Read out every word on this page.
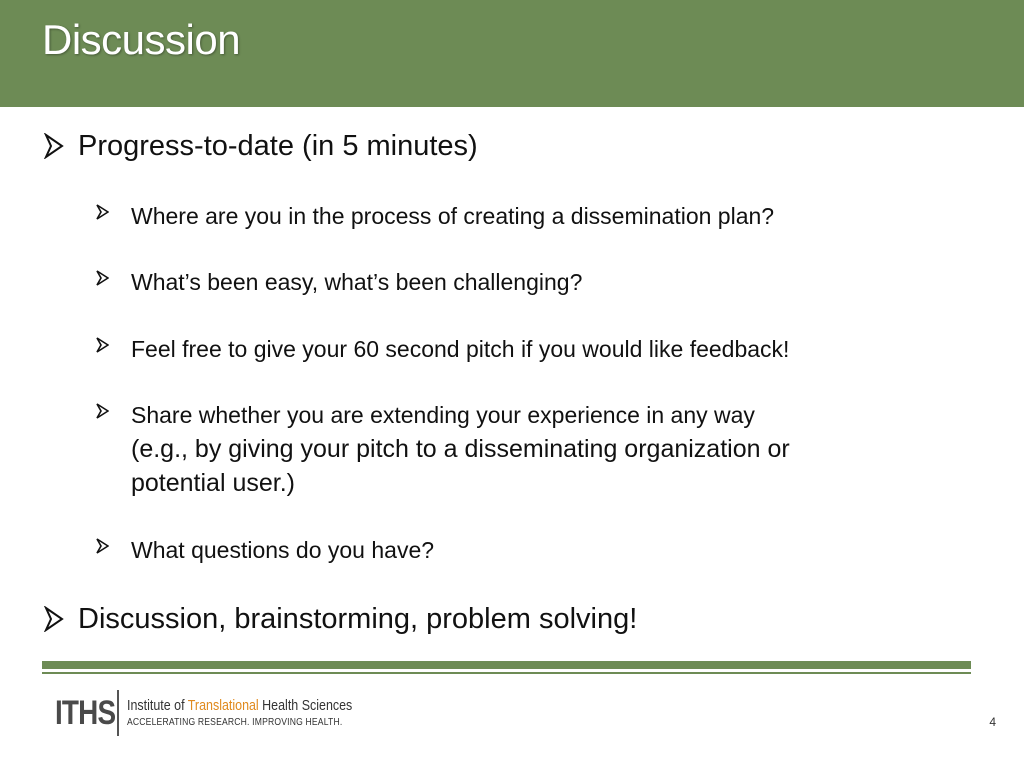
Discussion
Progress-to-date (in 5 minutes)
Where are you in the process of creating a dissemination plan?
What’s been easy, what’s been challenging?
Feel free to give your 60 second pitch if you would like feedback!
Share whether you are extending your experience in any way
(e.g., by giving your pitch to a disseminating organization or
potential user.)
What questions do you have?
Discussion, brainstorming, problem solving!
ITHS Institute of Translational Health Sciences
ACCELERATING RESEARCH. IMPROVING HEALTH.	4
